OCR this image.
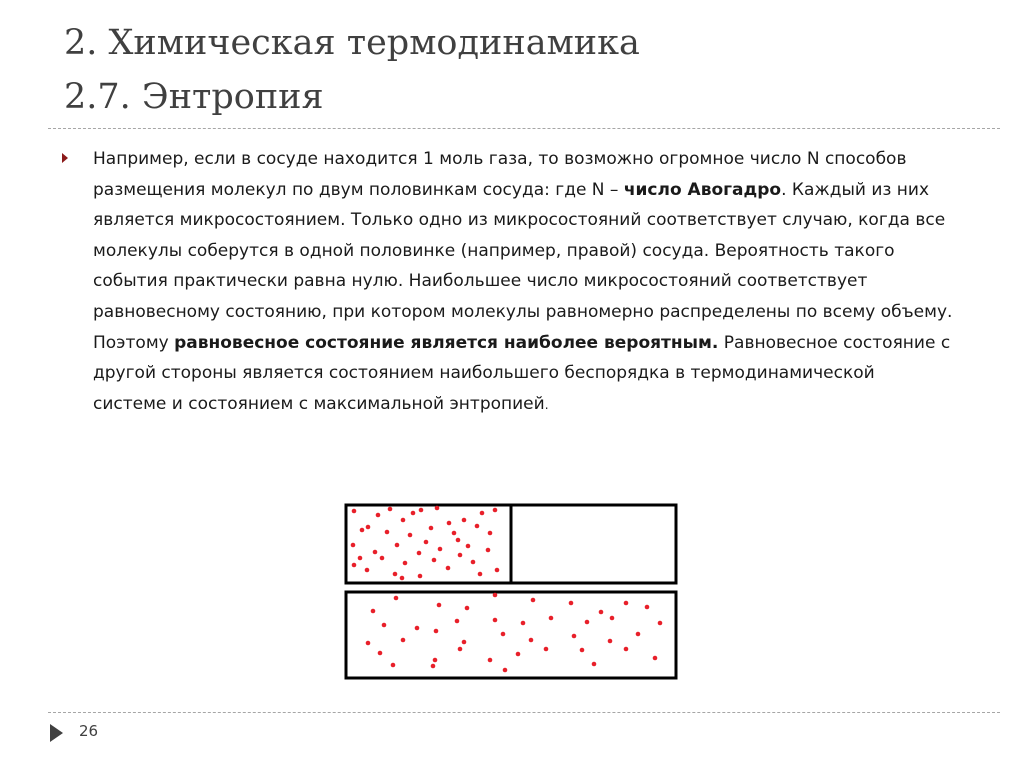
2. Химическая термодинамика
2.7. Энтропия
Например, если в сосуде находится 1 моль газа, то возможно огромное число N способов размещения молекул по двум половинкам сосуда: где N – число Авогадро. Каждый из них является микросостоянием. Только одно из микросостояний соответствует случаю, когда все молекулы соберутся в одной половинке (например, правой) сосуда. Вероятность такого события практически равна нулю. Наибольшее число микросостояний соответствует равновесному состоянию, при котором молекулы равномерно распределены по всему объему. Поэтому равновесное состояние является наиболее вероятным. Равновесное состояние с другой стороны является состоянием наибольшего беспорядка в термодинамической системе и состоянием с максимальной энтропией.
26
